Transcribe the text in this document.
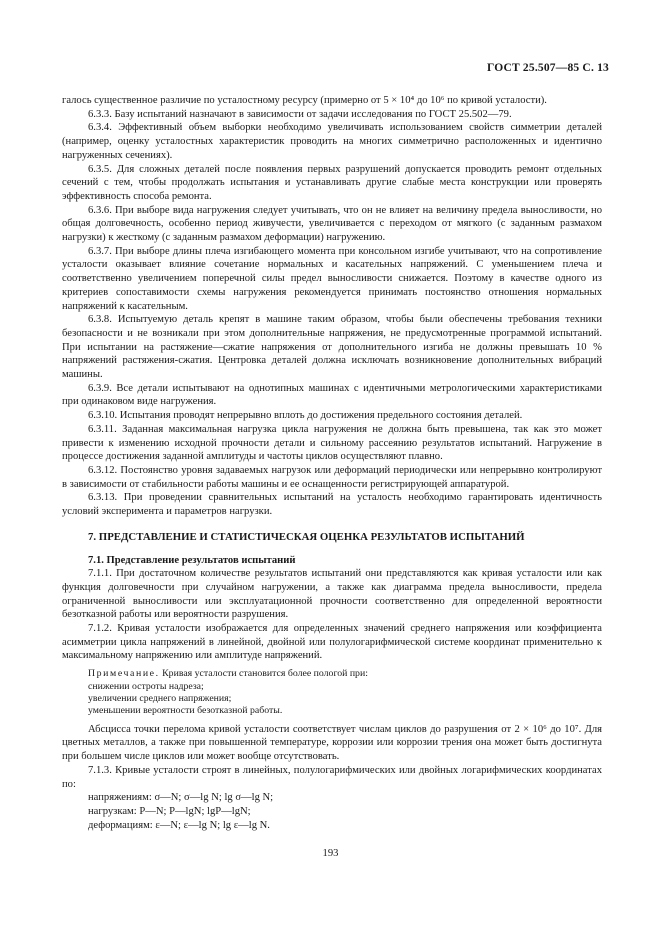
ГОСТ 25.507—85 С. 13

галось существенное различие по усталостному ресурсу (примерно от 5 × 10⁴ до 10⁶ по кривой усталости).

6.3.3. Базу испытаний назначают в зависимости от задачи исследования по ГОСТ 25.502—79.

6.3.4. Эффективный объем выборки необходимо увеличивать использованием свойств симметрии деталей (например, оценку усталостных характеристик проводить на многих симметрично расположенных и идентично нагруженных сечениях).

6.3.5. Для сложных деталей после появления первых разрушений допускается проводить ремонт отдельных сечений с тем, чтобы продолжать испытания и устанавливать другие слабые места конструкции или проверять эффективность способа ремонта.

6.3.6. При выборе вида нагружения следует учитывать, что он не влияет на величину предела выносливости, но общая долговечность, особенно период живучести, увеличивается с переходом от мягкого (с заданным размахом нагрузки) к жесткому (с заданным размахом деформации) нагружению.

6.3.7. При выборе длины плеча изгибающего момента при консольном изгибе учитывают, что на сопротивление усталости оказывает влияние сочетание нормальных и касательных напряжений. С уменьшением плеча и соответственно увеличением поперечной силы предел выносливости снижается. Поэтому в качестве одного из критериев сопоставимости схемы нагружения рекомендуется принимать постоянство отношения нормальных напряжений к касательным.

6.3.8. Испытуемую деталь крепят в машине таким образом, чтобы были обеспечены требования техники безопасности и не возникали при этом дополнительные напряжения, не предусмотренные программой испытаний. При испытании на растяжение—сжатие напряжения от дополнительного изгиба не должны превышать 10 % напряжений растяжения-сжатия. Центровка деталей должна исключать возникновение дополнительных вибраций машины.

6.3.9. Все детали испытывают на однотипных машинах с идентичными метрологическими характеристиками при одинаковом виде нагружения.

6.3.10. Испытания проводят непрерывно вплоть до достижения предельного состояния деталей.

6.3.11. Заданная максимальная нагрузка цикла нагружения не должна быть превышена, так как это может привести к изменению исходной прочности детали и сильному рассеянию результатов испытаний. Нагружение в процессе достижения заданной амплитуды и частоты циклов осуществляют плавно.

6.3.12. Постоянство уровня задаваемых нагрузок или деформаций периодически или непрерывно контролируют в зависимости от стабильности работы машины и ее оснащенности регистрирующей аппаратурой.

6.3.13. При проведении сравнительных испытаний на усталость необходимо гарантировать идентичность условий эксперимента и параметров нагрузки.

7. ПРЕДСТАВЛЕНИЕ И СТАТИСТИЧЕСКАЯ ОЦЕНКА РЕЗУЛЬТАТОВ ИСПЫТАНИЙ

7.1. Представление результатов испытаний

7.1.1. При достаточном количестве результатов испытаний они представляются как кривая усталости или как функция долговечности при случайном нагружении, а также как диаграмма предела выносливости, предела ограниченной выносливости или эксплуатационной прочности соответственно для определенной вероятности безотказной работы или вероятности разрушения.

7.1.2. Кривая усталости изображается для определенных значений среднего напряжения или коэффициента асимметрии цикла напряжений в линейной, двойной или полулогарифмической системе координат применительно к максимальному напряжению или амплитуде напряжений.

Примечание. Кривая усталости становится более пологой при:

снижении остроты надреза;

увеличении среднего напряжения;

уменьшении вероятности безотказной работы.

Абсцисса точки перелома кривой усталости соответствует числам циклов до разрушения от 2 × 10⁶ до 10⁷. Для цветных металлов, а также при повышенной температуре, коррозии или коррозии трения она может быть достигнута при большем числе циклов или может вообще отсутствовать.

7.1.3. Кривые усталости строят в линейных, полулогарифмических или двойных логарифмических координатах по:

напряжениям: σ—N; σ—lg N; lg σ—lg N;

нагрузкам: P—N; P—lgN; lgP—lgN;

деформациям: ε—N; ε—lg N; lg ε—lg N.

193
